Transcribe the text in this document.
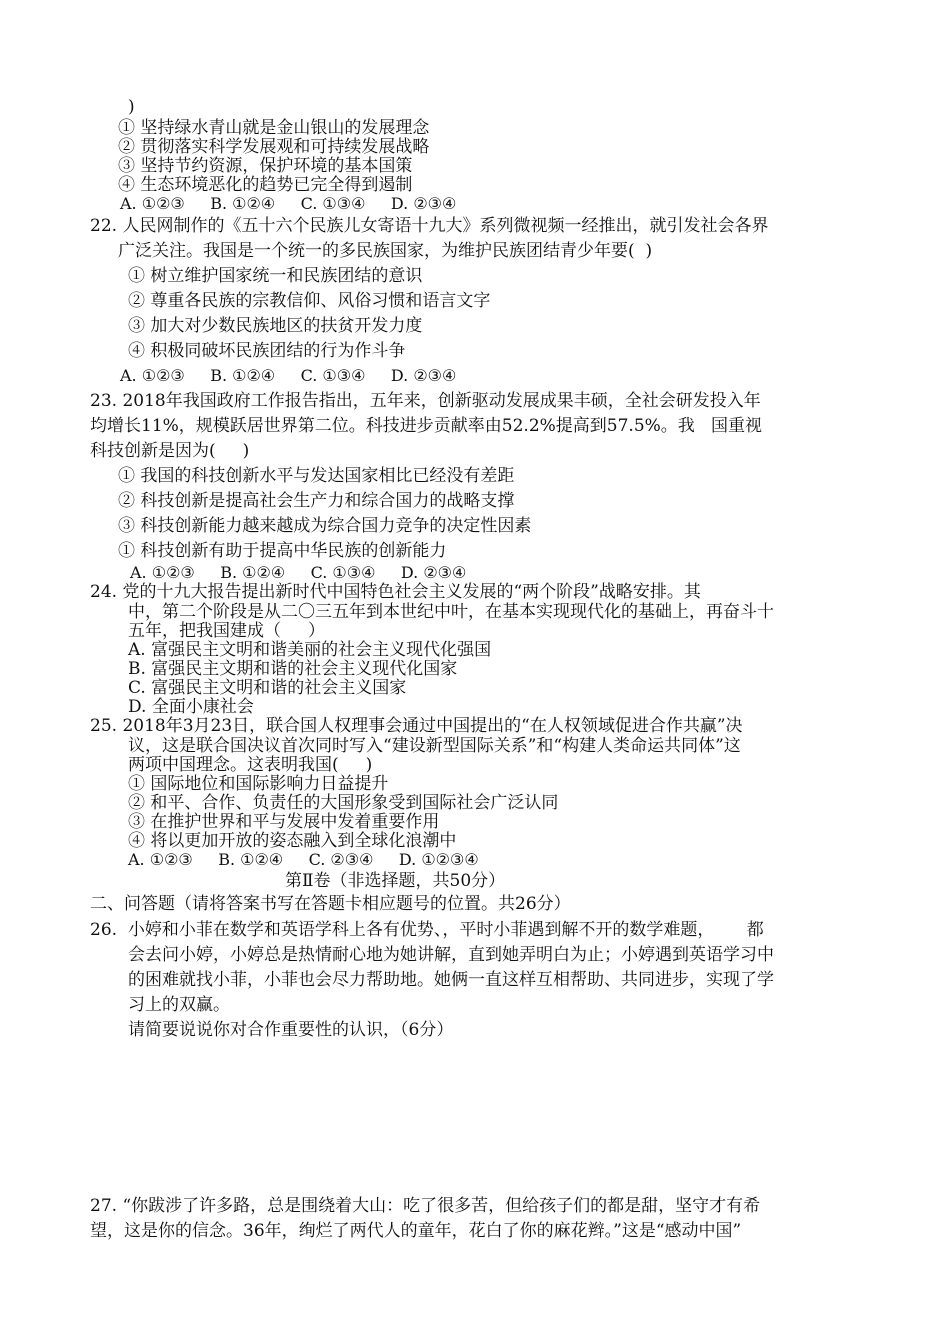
)
① 坚持绿水青山就是金山银山的发展理念
② 贯彻落实科学发展观和可持续发展战略
③ 坚持节约资源，保护环境的基本国策
④ 生态环境恶化的趋势已完全得到遏制
A. ①②③     B. ①②④     C. ①③④     D. ②③④
22. 人民网制作的《五十六个民族儿女寄语十九大》系列微视频一经推出，就引发社会各界
广泛关注。我国是一个统一的多民族国家，为维护民族团结青少年要(  )
① 树立维护国家统一和民族团结的意识
② 尊重各民族的宗教信仰、风俗习惯和语言文字
③ 加大对少数民族地区的扶贫开发力度
④ 积极同破坏民族团结的行为作斗争
A. ①②③     B. ①②④     C. ①③④     D. ②③④
23. 2018年我国政府工作报告指出，五年来，创新驱动发展成果丰硕，全社会研发投入年
均增长11%，规模跃居世界第二位。科技进步贡献率由52.2%提高到57.5%。我   国重视
科技创新是因为(     )
① 我国的科技创新水平与发达国家相比已经没有差距
② 科技创新是提高社会生产力和综合国力的战略支撑
③ 科技创新能力越来越成为综合国力竞争的决定性因素
① 科技创新有助于提高中华民族的创新能力
A. ①②③     B. ①②④     C. ①③④     D. ②③④
24. 党的十九大报告提出新时代中国特色社会主义发展的“两个阶段”战略安排。其
中，第二个阶段是从二〇三五年到本世纪中叶，在基本实现现代化的基础上，再奋斗十
五年，把我国建成（     ）
A. 富强民主文明和谐美丽的社会主义现代化强国
B. 富强民主文期和谐的社会主义现代化国家
C. 富强民主文明和谐的社会主义国家
D. 全面小康社会
25. 2018年3月23日，联合国人权理事会通过中国提出的“在人权领域促进合作共赢”决
议，这是联合国决议首次同时写入“建设新型国际关系”和“构建人类命运共同体”这
两项中国理念。这表明我国(     )
① 国际地位和国际影响力日益提升
② 和平、合作、负责任的大国形象受到国际社会广泛认同
③ 在推护世界和平与发展中发着重要作用
④ 将以更加开放的姿态融入到全球化浪潮中
A. ①②③     B. ①②④     C. ②③④     D. ①②③④
第Ⅱ卷（非选择题，共50分）
二、问答题（请将答案书写在答题卡相应题号的位置。共26分）
26.  小婷和小菲在数学和英语学科上各有优势、，平时小菲遇到解不开的数学难题，      都
会去问小婷，小婷总是热情耐心地为她讲解，直到她弄明白为止；小婷遇到英语学习中
的困难就找小菲，小菲也会尽力帮助地。她俩一直这样互相帮助、共同进步，实现了学
习上的双赢。
请简要说说你对合作重要性的认识，（6分）
27. “你跋涉了许多路，总是围绕着大山：吃了很多苦，但给孩子们的都是甜，坚守才有希
望，这是你的信念。36年，绚烂了两代人的童年，花白了你的麻花辫。”这是“感动中国”
